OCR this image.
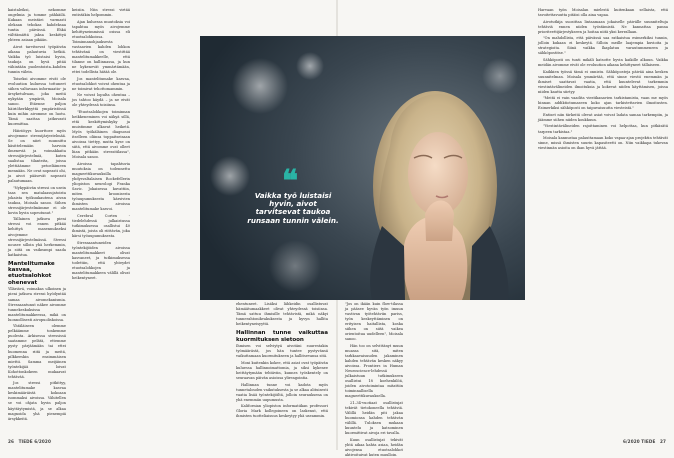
kaistaleiksi, nekomme ongelmia ja tomme pähkäilä. Kukaan meistäei varmasti olekaan tehokas kahdeksaa tuntia päivässä. Ehkä välttämättä jaksa keskittyä yhteen asiaan pikään.

Aivot tarvitsevat työpäivän aikana palautuvia hetkiä. Vaikka työ luistaisi hyvin, taukoja on hyvä pitää vähintään puolentoista–kahden tunnin välein.

Toiseksi aivomme eivät ole evoluution kuluessa tottuneet siihen valtavaan informaatio- ja ärsyketulvaan, joka meitä nykyään ympäröi, Moisala sanoo. Etäenne paljon häiriöherkkyyttä ympäristössä kuin mihin aivomme on luotu. Tämä saattaa jatkuvasti kuormittaa.

Häiriöiyys kuorttoee myös aivojemme stressijärjestelmää. Se on niiet suunnittu käsittelemään harvoin ilmeneviä ja voimakkaita stressijärjestelmiä, kuten saalistaa tilanteita, joissa ylettiäämme petoeläimeen mennään. Ne ovat nopeasti ohi, ja aivot pääsevät nopeasti palautumaan.

"Nykypäivän stressi on usein taas sen matalaasujatoista jokaista työkuukautena aivan taukoa, Moisala sanoo. Siihen stressijärjestelmämme ei ole kovin hyvin sopeutunut."

Tällainen jatkuva pieni stressi voi ennen pitkää kehittyä masennukseksi aivojemme stressijärjestelmässä. Stressi nousee silloin yhä herkemmin, ja siitä on vaikeampi saada katkaistua.

Mantelitumake kasvaa, etuotsalohkot ohenevat

Ylläriävä, voimakas ulkoinen ja pieni jatkuva stressi hyödyntää samaa aivomekanismia. Stressaantunut näkee aivomme tunnekeskuksissa mantelitumakkeessa, mikä on luonnollisesti aivopuoliskoissa.

Yhtäläiseen olemme pelkäämme tonkemme puolesta. Arkisessa stressissä saatamme pelätä, ettemme pysty pärjäämään tai ettei huomenna riitä ja meitä, pilkkeeskin ensimmäisen miettii. Samma meijäinen työntekijää loivat Kohottonkokeen mukaavat tehtävää.

Jos stressi pitkittyy, mantelitumake kasvaa keskimääräistä kokoaan isommaksi aivoissa. Vähitellen se voi ohjata hyvin paljon käyttäytymistä, ja se alkaa magnoida yhä pienempiä ärsykkeitä.

keisiin. Niin stressi virtää entistäkin helpommin.

Ajan kuluessa muutoksia voi tapahtua myös aivojemme kehittyneimmissä osissa eli etuotsalohkoissa. Toiminnanohjauksesta vastaavien kahden lohkon tehtävänä on viestittää mantelitumakkeelle, että tilanne on hallinnassa, ja kun ne kykenevät ymmärtämään, ettei todellista hätää ole.

Jos mantelitumake kasvaa, etuotsalohkot voivat ohentua ja ne toimivat tehottomammin.

Ne voivat lopulta ohentua – jos tahtoo käydä – ja ne eivät ole yhteydessä toisiinsa.

"Etuotsalohkojen toiminnan heikkeneminen voi näkyä sillä, että keskittymiskyky ja muistimme alkavat heiketä. Myös työkäläinen diagnosoi itselleen oliinsa toppaitseisaan aivoissa tiettyy, mutta kyse on siitä, että aivomme ovat olleet liian pitkään stressitilassa", Moisala sanoo.

Aivoissa tapahtuvia muutoksia on todennettu magneettikuvauksilla yhdysvaltalaisen Rockefellerin yliopiston neurologi Franka Savic. Jokaisessa kuvattiin, miten kroonisesta työuupumuksesta kärsivien ihmisten aivoissa mantelitumake kasvoi.

Cerebral Cortex -tiedelehdessä julkaistussa tutkimuksessa osallistui 40 ihmistä, joista oli riittävän, joka kärsi työuupumuksesta.

Stressaantuneiden työntekijöiden aivoissa mantelitumakkeet olivat kasvaneet, ja tutkimuksessa todettiin, että yhteydet etuotsalohkojen ja mantelitumakkeen välillä olivat heikentyneet.

ehentuneet. Lisäksi lähkeidin osallistuvat hämäätumaakkeet olivat yhteydessä toisiinsa. Tämä sattuu ihmisille tehtävistä, mikä näkyi tunnerahtonikvakuksesta ja kyvyn hallita heikentyneisyyttä.

Hallinnan tunne vaikuttaa kuormituksen sietoon

Ihmisen voi selviytyä aivotäni suurestakin työmäärästä, jos hän tuntee pystyvänsä vaikuttamaan kuormitukseen ja hallitsevansa sitä.

Moni kuitenkin kokee, että asiat ovat työpäivän kuluessa hallinnoimattomia, ja siksi kykenee heittäytymään tehtäviin, kunnes työskentely on seuraavan päivän asioissa ylireagointia.

Hallinnan tunne voi kadota myös tunnetalouden vaikutuksesta ja se alkaa alituisesti vaatia lisää työntekijöiltä, jolloin seurauksena on yhä enemmän uupumusta.

Kalifornian yliopiston informatiikan professori Gloria Mark kollegoineen on laskenut, että ihmisten tuotteliaisuus keskeytyy yhä useammin.

"Jos on ikään kuin flow-tilassa ja pääsee hyvän työn imuun vastivan työtehtäviin pariss, työn keskeyttäminen on erityisen haitallista, koska siihen on siitä vaikea orientoitua uudelleen", Moisala sanoo.

Hän too on selvittänyt muun muassa sitä, miten tarkkaavaisuuden jakaminen kahden tehtävän kesken näkyy aivoissa. Frontiers in Human Neuroscience-lehdessä julkaistuun tutkimukseen osallistui 18 koehenkilöä, joiden aivotoimintaa mitattiin toiminnallisella magneettikuvauksella.

21–34-vuotiaat osallistujat tekivät tietokoneella tehtäviä. Välillä heidän piti jakaa huomionsa kahden tehtävän välillä. Tuloksen mukaan kuuntelu ja katsominen kuormittivat aivoja eri tavalla.

Kuun osallistujat tekivät yhtä aikaa kahta asiaa, heidän aivojensa etuotsalohkot aktivoituivat kuten muulloin.

Harvaan työn Moisalan mielestä kuitenkaan sellaista, että tavoitettavuutta pitäisi olla aina vapaa.

Aivotutkija suosittaa lintaamaan jokaiselle päivälle suunniteltuja tehtäviä ennen niiden työstämistä. Ne kannattaa panna prioriteettijärjestykseen ja hoitaa niitä yksi kerrallaan.

"On mahdollista, että päivässä saa ratkaistua esimerkiksi tunnin, jolloin kukaan ei keskeytä. Silloin meille laajempia kuvioita ja strategioita. Siinä vaikka Ikaplatuu varautummeneen ja sähköpostitse."

Sähköposti on tunti mikäli katsotte hyvin kaikille alkuun. Vaikka meidän aivomme eivät ole evoluution aikana kehittyneet tällaiseen.

Kaikkien työssä tämä ei onnistu. Sähköposteja päivää aina kesken suunnitelman. Moisala ymmärtää, että sinne viestii enemmän ja ihmiset saattavat vaatia, että kuuntelevat tarkemmin viestintävälineiden ilmoituksia ja kokevat niiden käyttämisen, joissa niiden kautta siirtyy.

"Meitä ei vain vaadita viestikanavien tarkistamista, vaan me myös hinnan addiktiotumaseen koko ajan tarkistettavien ilmoitusten. Esimerkiksi sähköposti on taipuvaisuutta viesteistä."

Entiset niin tärkeitä olevat asiat voivat ladata samaa tarkempiin, ja jäämme siihen niiden koukkuun.

"Viestintävälineiden rajoittaminen voi helpottaa, kun pitkäsätä tarpeen tarkistaa."

Moisala kannustaa palauttamaan koko vapaa-ajan projektin tehtävät sinne, missä ihmisten suurin kapasiteetti on. Niin vaikkapa tukevan viestinnän asioita on ihan hyvä jättää.

❝
Vaikka työ luistaisi hyvin, aivot tarvitsevat taukoa runsaan tunnin välein.
26 TIEDE 6/2020	6/2020 TIEDE 27
